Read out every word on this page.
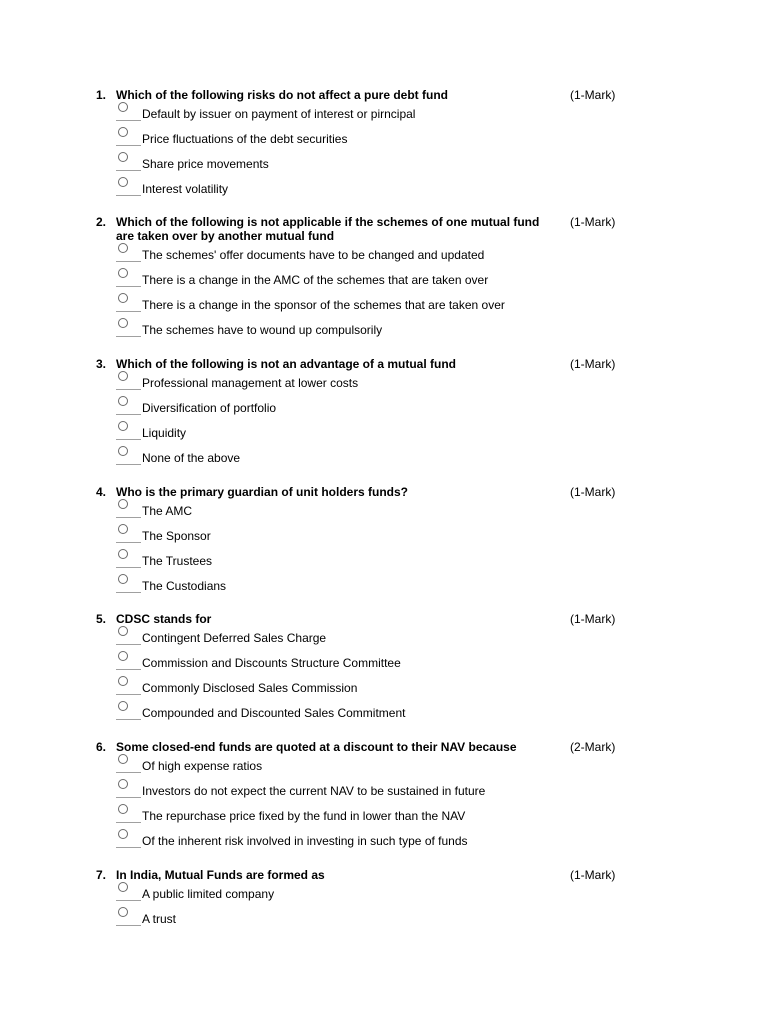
1. Which of the following risks do not affect a pure debt fund	(1-Mark)
Default by issuer on payment of interest or pirncipal
Price fluctuations of the debt securities
Share price movements
Interest volatility
2. Which of the following is not applicable if the schemes of one mutual fund are taken over by another mutual fund
(1-Mark)
The schemes' offer documents have to be changed and updated
There is a change in the AMC of the schemes that are taken over
There is a change in the sponsor of the schemes that are taken over
The schemes have to wound up compulsorily
3. Which of the following is not an advantage of a mutual fund	(1-Mark)
Professional management at lower costs
Diversification of portfolio
Liquidity
None of the above
4. Who is the primary guardian of unit holders funds?	(1-Mark)
The AMC
The Sponsor
The Trustees
The Custodians
5. CDSC stands for	(1-Mark)
Contingent Deferred Sales Charge
Commission and Discounts Structure Committee
Commonly Disclosed Sales Commission
Compounded and Discounted Sales Commitment
6. Some closed-end funds are quoted at a discount to their NAV because	(2-Mark)
Of high expense ratios
Investors do not expect the current NAV to be sustained in future
The repurchase price fixed by the fund in lower than the NAV
Of the inherent risk involved in investing in such type of funds
7. In India, Mutual Funds are formed as	(1-Mark)
A public limited company
A trust
